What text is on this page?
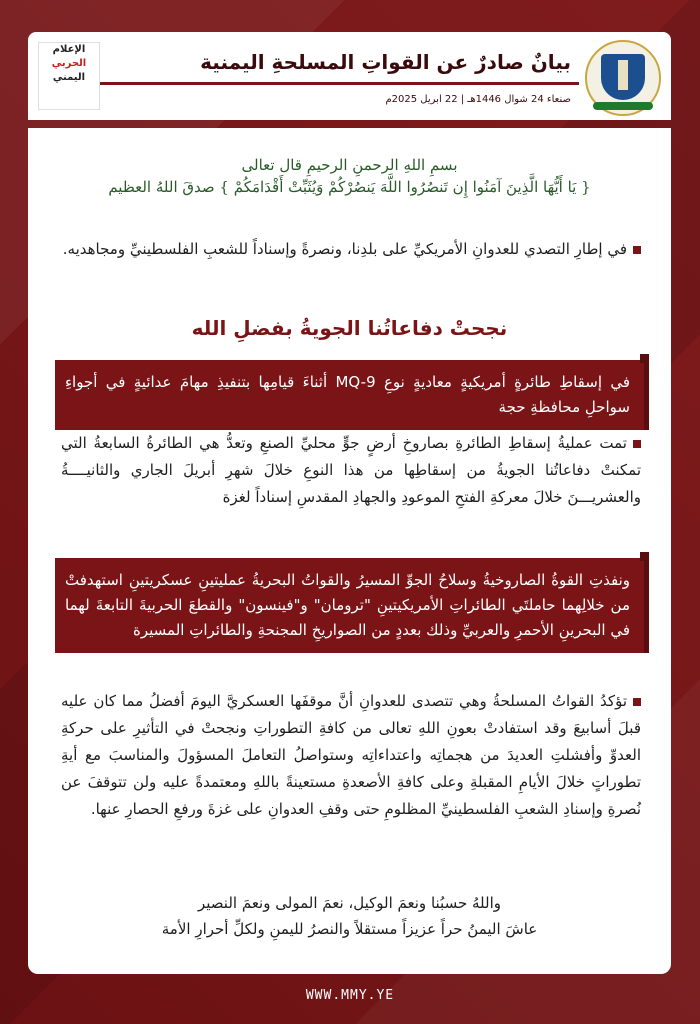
بيانٌ صادرٌ عن القواتِ المسلحةِ اليمنية
صنعاء 24 شوال 1446هـ | 22 ابريل 2025م
الإعلام
الحربي
اليمني
بسمِ اللهِ الرحمنِ الرحيمِ قال تعالى
{ يَا أَيُّهَا الَّذِينَ آمَنُوا إِن تَنصُرُوا اللَّهَ يَنصُرْكُمْ وَيُثَبِّتْ أَقْدَامَكُمْ } صدقَ اللهُ العظيم
في إطارِ التصدي للعدوانِ الأمريكيِّ على بلدِنا، ونصرةً وإسناداً للشعبِ الفلسطينيِّ ومجاهديه.
نجحتْ دفاعاتُنا الجويةُ بفضلِ الله
في إسقاطِ طائرةٍ أمريكيةٍ معاديةٍ نوعِ MQ-9 أثناءَ قيامِها بتنفيذِ مهامَ عدائيةٍ في أجواءِ سواحلِ محافظةِ حجة
تمت عمليةُ إسقاطِ الطائرةِ بصاروخِ أرضٍ جوٍّ محليِّ الصنعِ وتعدُّ هي الطائرةُ السابعةُ التي تمكنتْ دفاعاتُنا الجويةُ من إسقاطِها من هذا النوعِ خلالَ شهرِ أبريلَ الجاري والثانيــــةُ والعشريـــنَ خلالَ معركةِ الفتحِ الموعودِ والجهادِ المقدسِ إسناداً لغزة
ونفذتِ القوةُ الصاروخيةُ وسلاحُ الجوِّ المسيرُ والقواتُ البحريةُ عمليتينِ عسكريتينِ استهدفتْ من خلالِهما حاملتَي الطائراتِ الأمريكيتينِ "ترومان" و"فينسون" والقطعَ الحربيةَ التابعةَ لهما في البحرينِ الأحمرِ والعربيِّ وذلك بعددٍ من الصواريخِ المجنحةِ والطائراتِ المسيرة
تؤكدُ القواتُ المسلحةُ وهي تتصدى للعدوانِ أنَّ موقفَها العسكريَّ اليومَ أفضلُ مما كان عليه قبلَ أسابيعَ وقد استفادتْ بعونِ اللهِ تعالى من كافةِ التطوراتِ ونجحتْ في التأثيرِ على حركةِ العدوِّ وأفشلتِ العديدَ من هجماتِه واعتداءاتِه وستواصلُ التعاملَ المسؤولَ والمناسبَ مع أيةِ تطوراتٍ خلالَ الأيامِ المقبلةِ وعلى كافةِ الأصعدةِ مستعينةً باللهِ ومعتمدةً عليه ولن تتوقفَ عن نُصرةِ وإسنادِ الشعبِ الفلسطينيِّ المظلومِ حتى وقفِ العدوانِ على غزةَ ورفعِ الحصارِ عنها.
واللهُ حسبُنا ونعمَ الوكيل، نعمَ المولى ونعمَ النصير
عاشَ اليمنُ حراً عزيزاً مستقلاً والنصرُ لليمنِ ولكلِّ أحرارِ الأمة
WWW.MMY.YE
